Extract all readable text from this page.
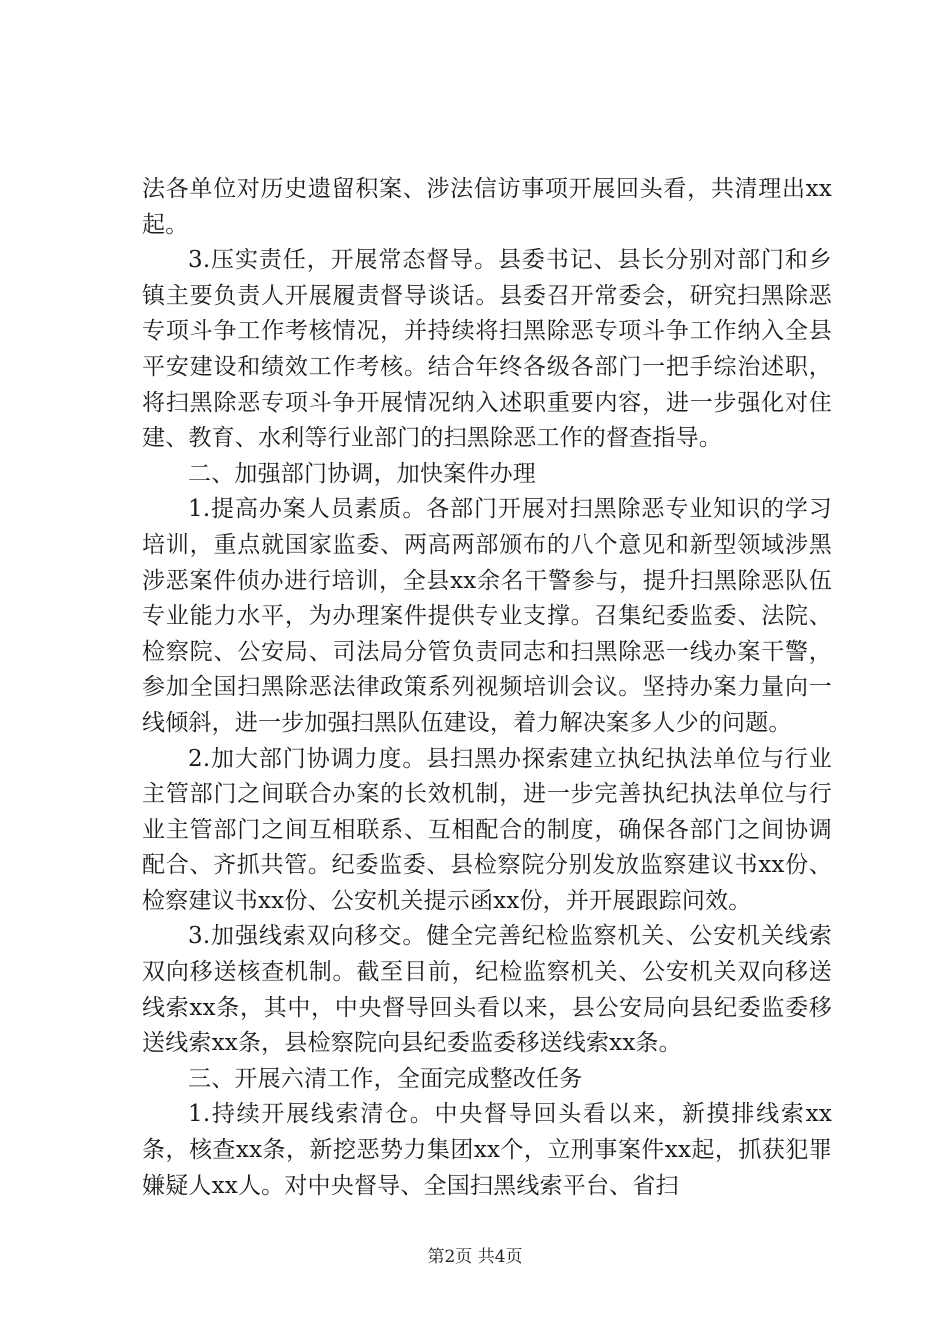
法各单位对历史遗留积案、涉法信访事项开展回头看，共清理出xx起。

3.压实责任，开展常态督导。县委书记、县长分别对部门和乡镇主要负责人开展履责督导谈话。县委召开常委会，研究扫黑除恶专项斗争工作考核情况，并持续将扫黑除恶专项斗争工作纳入全县平安建设和绩效工作考核。结合年终各级各部门一把手综治述职，将扫黑除恶专项斗争开展情况纳入述职重要内容，进一步强化对住建、教育、水利等行业部门的扫黑除恶工作的督查指导。

二、加强部门协调，加快案件办理

1.提高办案人员素质。各部门开展对扫黑除恶专业知识的学习培训，重点就国家监委、两高两部颁布的八个意见和新型领域涉黑涉恶案件侦办进行培训，全县xx余名干警参与，提升扫黑除恶队伍专业能力水平，为办理案件提供专业支撑。召集纪委监委、法院、检察院、公安局、司法局分管负责同志和扫黑除恶一线办案干警，参加全国扫黑除恶法律政策系列视频培训会议。坚持办案力量向一线倾斜，进一步加强扫黑队伍建设，着力解决案多人少的问题。

2.加大部门协调力度。县扫黑办探索建立执纪执法单位与行业主管部门之间联合办案的长效机制，进一步完善执纪执法单位与行业主管部门之间互相联系、互相配合的制度，确保各部门之间协调配合、齐抓共管。纪委监委、县检察院分别发放监察建议书xx份、检察建议书xx份、公安机关提示函xx份，并开展跟踪问效。

3.加强线索双向移交。健全完善纪检监察机关、公安机关线索双向移送核查机制。截至目前，纪检监察机关、公安机关双向移送线索xx条，其中，中央督导回头看以来，县公安局向县纪委监委移送线索xx条，县检察院向县纪委监委移送线索xx条。

三、开展六清工作，全面完成整改任务

1.持续开展线索清仓。中央督导回头看以来，新摸排线索xx条，核查xx条，新挖恶势力集团xx个，立刑事案件xx起，抓获犯罪嫌疑人xx人。对中央督导、全国扫黑线索平台、省扫

第2页 共4页
